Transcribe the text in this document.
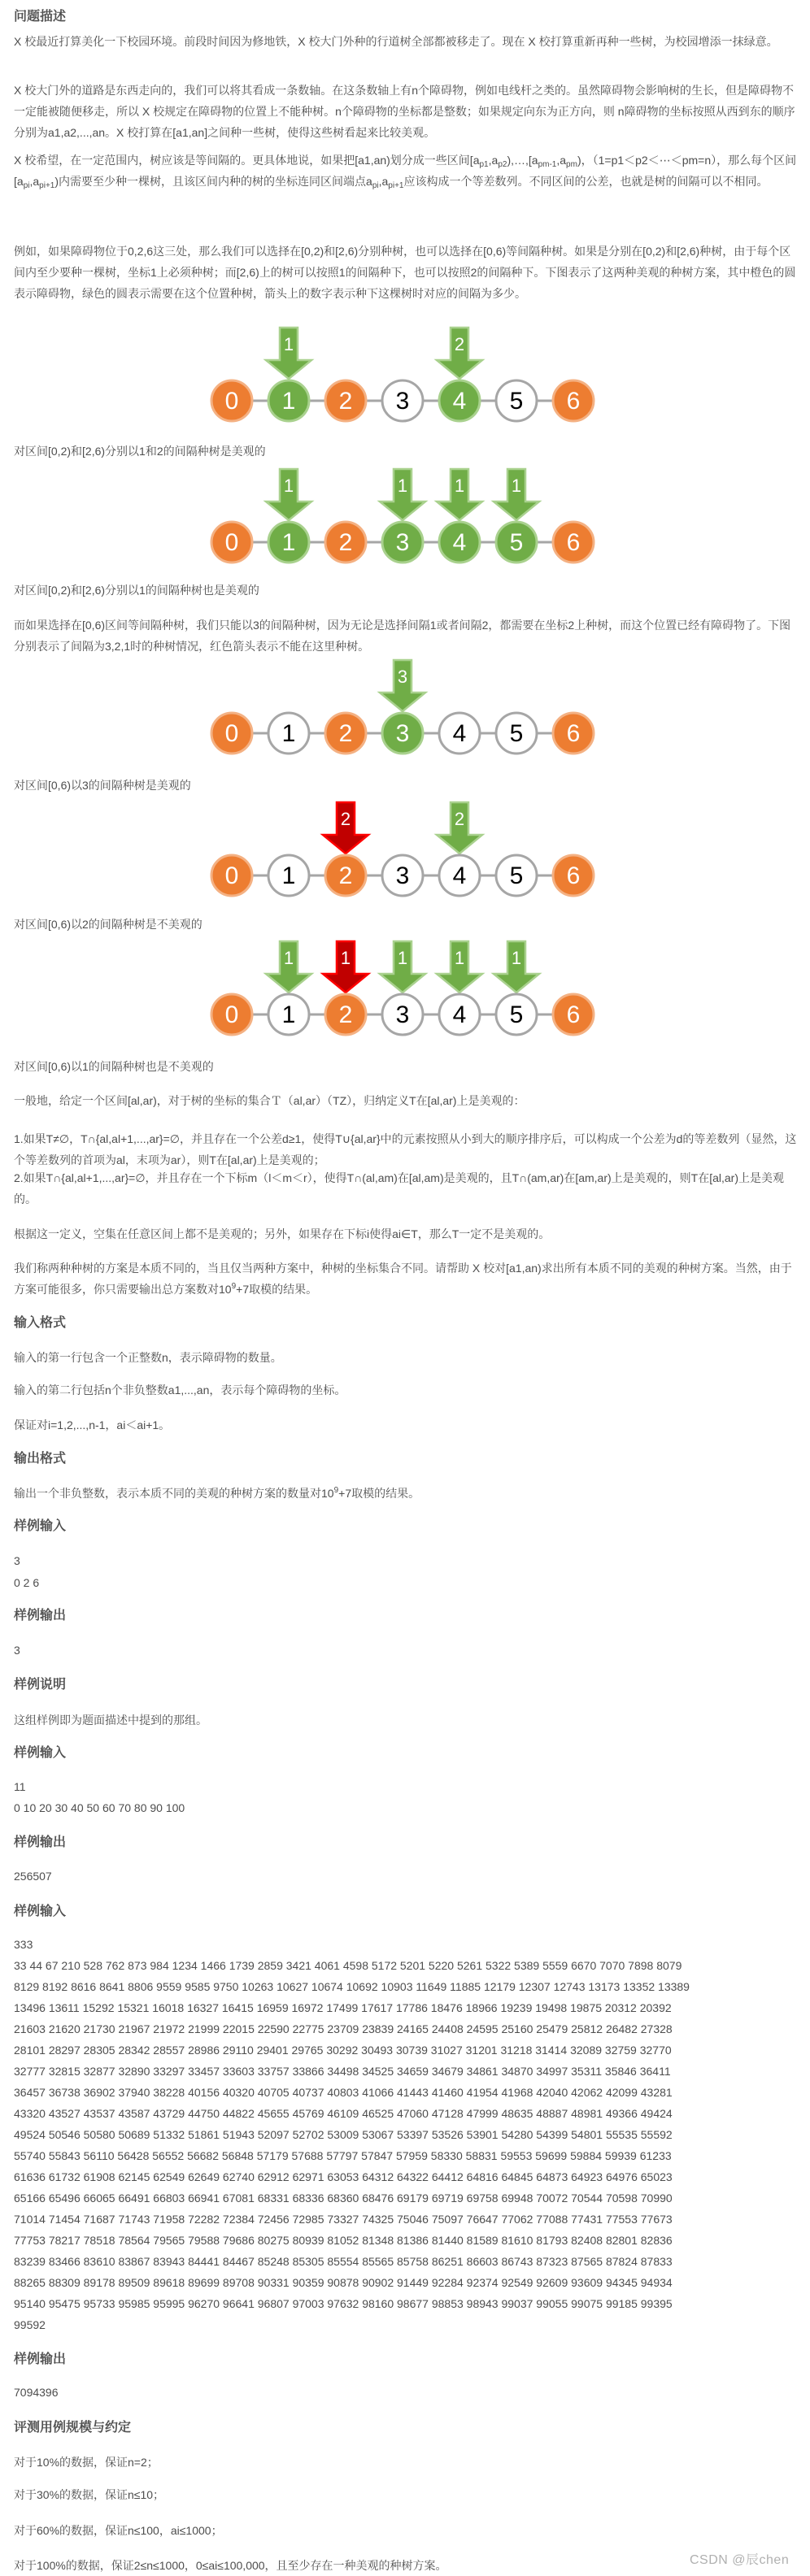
问题描述
X 校最近打算美化一下校园环境。前段时间因为修地铁，X 校大门外种的行道树全部都被移走了。现在 X 校打算重新再种一些树，为校园增添一抹绿意。
X 校大门外的道路是东西走向的，我们可以将其看成一条数轴。在这条数轴上有n个障碍物，例如电线杆之类的。虽然障碍物会影响树的生长，但是障碍物不一定能被随便移走，所以 X 校规定在障碍物的位置上不能种树。n个障碍物的坐标都是整数；如果规定向东为正方向，则 n障碍物的坐标按照从西到东的顺序分别为a1,a2,...,an。X 校打算在[a1,an]之间种一些树，使得这些树看起来比较美观。
X 校希望，在一定范围内，树应该是等间隔的。更具体地说，如果把[a1,an)划分成一些区间$[a_{p1},a_{p2}),\dots,[a_{pm-1},a_{pm})$，（1=p1＜p2＜⋯＜pm=n），那么每个区间$[a_{pi},a_{pi+1})$内需要至少种一棵树，且该区间内种的树的坐标连同区间端点$a_{pi},a_{pi+1}$应该构成一个等差数列。不同区间的公差，也就是树的间隔可以不相同。
例如，如果障碍物位于0,2,6这三处，那么我们可以选择在[0,2)和[2,6)分别种树，也可以选择在[0,6)等间隔种树。如果是分别在[0,2)和[2,6)种树，由于每个区间内至少要种一棵树，坐标1上必须种树；而[2,6)上的树可以按照1的间隔种下，也可以按照2的间隔种下。下图表示了这两种美观的种树方案，其中橙色的圆表示障碍物，绿色的圆表示需要在这个位置种树，箭头上的数字表示种下这棵树时对应的间隔为多少。
1	2
0 1 2 3 4 5 6
对区间[0,2)和[2,6)分别以1和2的间隔种树是美观的
1	1	1	1
0 1 2 3 4 5 6
对区间[0,2)和[2,6)分别以1的间隔种树也是美观的
而如果选择在[0,6)区间等间隔种树，我们只能以3的间隔种树，因为无论是选择间隔1或者间隔2，都需要在坐标2上种树，而这个位置已经有障碍物了。下图分别表示了间隔为3,2,1时的种树情况，红色箭头表示不能在这里种树。
3
0 1 2 3 4 5 6
对区间[0,6)以3的间隔种树是美观的
2	2
0 1 2 3 4 5 6
对区间[0,6)以2的间隔种树是不美观的
1	1	1	1	1
0 1 2 3 4 5 6
对区间[0,6)以1的间隔种树也是不美观的
一般地，给定一个区间[al,ar)，对于树的坐标的集合Ｔ（al,ar）（TZ），归纳定义T在[al,ar)上是美观的：
1.如果T≠∅，T∩{al,al+1,...,ar}=∅，并且存在一个公差d≥1，使得T∪{al,ar}中的元素按照从小到大的顺序排序后，可以构成一个公差为d的等差数列（显然，这个等差数列的首项为al，末项为ar），则T在[al,ar)上是美观的；
2.如果T∩{al,al+1,...,ar}=∅，并且存在一个下标m（l＜m＜r），使得T∩(al,am)在[al,am)是美观的，且T∩(am,ar)在[am,ar)上是美观的，则T在[al,ar)上是美观的。
根据这一定义，空集在任意区间上都不是美观的；另外，如果存在下标i使得ai∈T，那么T一定不是美观的。
我们称两种种树的方案是本质不同的，当且仅当两种方案中，种树的坐标集合不同。请帮助 X 校对[a1,an)求出所有本质不同的美观的种树方案。当然，由于方案可能很多，你只需要输出总方案数对$10^9+7$取模的结果。
输入格式
输入的第一行包含一个正整数n，表示障碍物的数量。
输入的第二行包括n个非负整数a1,...,an，表示每个障碍物的坐标。
保证对i=1,2,...,n-1，ai＜ai+1。
输出格式
输出一个非负整数，表示本质不同的美观的种树方案的数量对$10^9+7$取模的结果。
样例输入
3
0 2 6
样例输出
3
样例说明
这组样例即为题面描述中提到的那组。
样例输入
11
0 10 20 30 40 50 60 70 80 90 100
样例输出
256507
样例输入
333
33 44 67 210 528 762 873 984 1234 1466 1739 2859 3421 4061 4598 5172 5201 5220 5261 5322 5389 5559 6670 7070 7898 8079
8129 8192 8616 8641 8806 9559 9585 9750 10263 10627 10674 10692 10903 11649 11885 12179 12307 12743 13173 13352 13389
13496 13611 15292 15321 16018 16327 16415 16959 16972 17499 17617 17786 18476 18966 19239 19498 19875 20312 20392
21603 21620 21730 21967 21972 21999 22015 22590 22775 23709 23839 24165 24408 24595 25160 25479 25812 26482 27328
28101 28297 28305 28342 28557 28986 29110 29401 29765 30292 30493 30739 31027 31201 31218 31414 32089 32759 32770
32777 32815 32877 32890 33297 33457 33603 33757 33866 34498 34525 34659 34679 34861 34870 34997 35311 35846 36411
36457 36738 36902 37940 38228 40156 40320 40705 40737 40803 41066 41443 41460 41954 41968 42040 42062 42099 43281
43320 43527 43537 43587 43729 44750 44822 45655 45769 46109 46525 47060 47128 47999 48635 48887 48981 49366 49424
49524 50546 50580 50689 51332 51861 51943 52097 52702 53009 53067 53397 53526 53901 54280 54399 54801 55535 55592
55740 55843 56110 56428 56552 56682 56848 57179 57688 57797 57847 57959 58330 58831 59553 59699 59884 59939 61233
61636 61732 61908 62145 62549 62649 62740 62912 62971 63053 64312 64322 64412 64816 64845 64873 64923 64976 65023
65166 65496 66065 66491 66803 66941 67081 68331 68336 68360 68476 69179 69719 69758 69948 70072 70544 70598 70990
71014 71454 71687 71743 71958 72282 72384 72456 72985 73327 74325 75046 75097 76647 77062 77088 77431 77553 77673
77753 78217 78518 78564 79565 79588 79686 80275 80939 81052 81348 81386 81440 81589 81610 81793 82408 82801 82836
83239 83466 83610 83867 83943 84441 84467 85248 85305 85554 85565 85758 86251 86603 86743 87323 87565 87824 87833
88265 88309 89178 89509 89618 89699 89708 90331 90359 90878 90902 91449 92284 92374 92549 92609 93609 94345 94934
95140 95475 95733 95985 95995 96270 96641 96807 97003 97632 98160 98677 98853 98943 99037 99055 99075 99185 99395
99592
样例输出
7094396
评测用例规模与约定
对于10%的数据，保证n=2；
对于30%的数据，保证n≤10；
对于60%的数据，保证n≤100，ai≤1000；
对于100%的数据，保证2≤n≤1000，0≤ai≤100,000，且至少存在一种美观的种树方案。	CSDN @辰chen
